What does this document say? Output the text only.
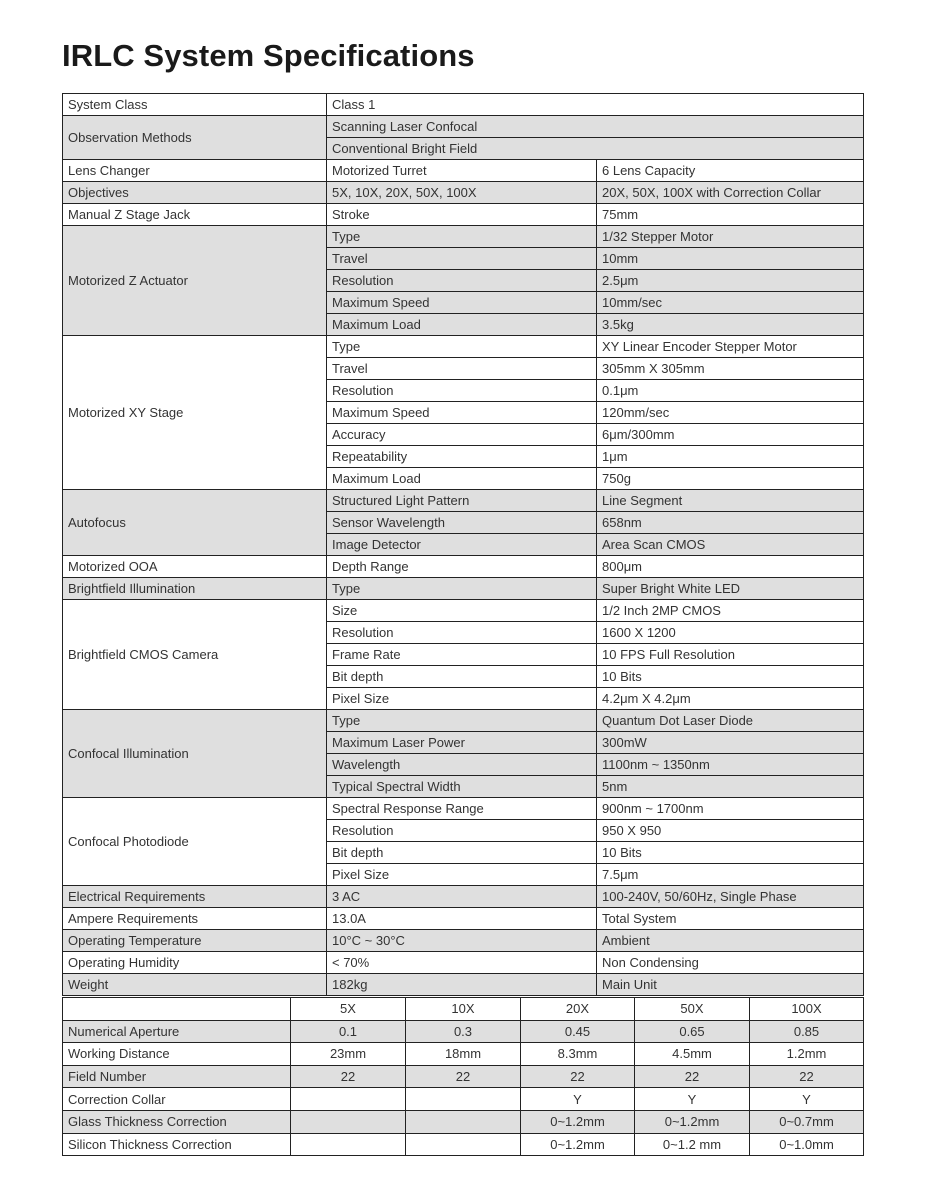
IRLC System Specifications
System Class	Class 1	
Observation Methods	Scanning Laser Confocal	
	Conventional Bright Field	
Lens Changer	Motorized Turret	6 Lens Capacity
Objectives	5X, 10X, 20X, 50X, 100X	20X, 50X, 100X with Correction Collar
Manual Z Stage Jack	Stroke	75mm
Motorized Z Actuator	Type	1/32 Stepper Motor
	Travel	10mm
	Resolution	2.5μm
	Maximum Speed	10mm/sec
	Maximum Load	3.5kg
Motorized XY Stage	Type	XY Linear Encoder Stepper Motor
	Travel	305mm X 305mm
	Resolution	0.1μm
	Maximum Speed	120mm/sec
	Accuracy	6μm/300mm
	Repeatability	1μm
	Maximum Load	750g
Autofocus	Structured Light Pattern	Line Segment
	Sensor Wavelength	658nm
	Image Detector	Area Scan CMOS
Motorized OOA	Depth Range	800μm
Brightfield Illumination	Type	Super Bright White LED
Brightfield CMOS Camera	Size	1/2 Inch 2MP CMOS
	Resolution	1600 X 1200
	Frame Rate	10 FPS Full Resolution
	Bit depth	10 Bits
	Pixel Size	4.2μm X 4.2μm
Confocal Illumination	Type	Quantum Dot Laser Diode
	Maximum Laser Power	300mW
	Wavelength	1100nm ~ 1350nm
	Typical Spectral Width	5nm
Confocal Photodiode	Spectral Response Range	900nm ~ 1700nm
	Resolution	950 X 950
	Bit depth	10 Bits
	Pixel Size	7.5μm
Electrical Requirements	3 AC	100-240V, 50/60Hz, Single Phase
Ampere Requirements	13.0A	Total System
Operating Temperature	10°C ~ 30°C	Ambient
Operating Humidity	< 70%	Non Condensing
Weight	182kg	Main Unit
	5X	10X	20X	50X	100X
Numerical Aperture	0.1	0.3	0.45	0.65	0.85
Working Distance	23mm	18mm	8.3mm	4.5mm	1.2mm
Field Number	22	22	22	22	22
Correction Collar			Y	Y	Y
Glass Thickness Correction			0~1.2mm	0~1.2mm	0~0.7mm
Silicon Thickness Correction			0~1.2mm	0~1.2 mm	0~1.0mm
